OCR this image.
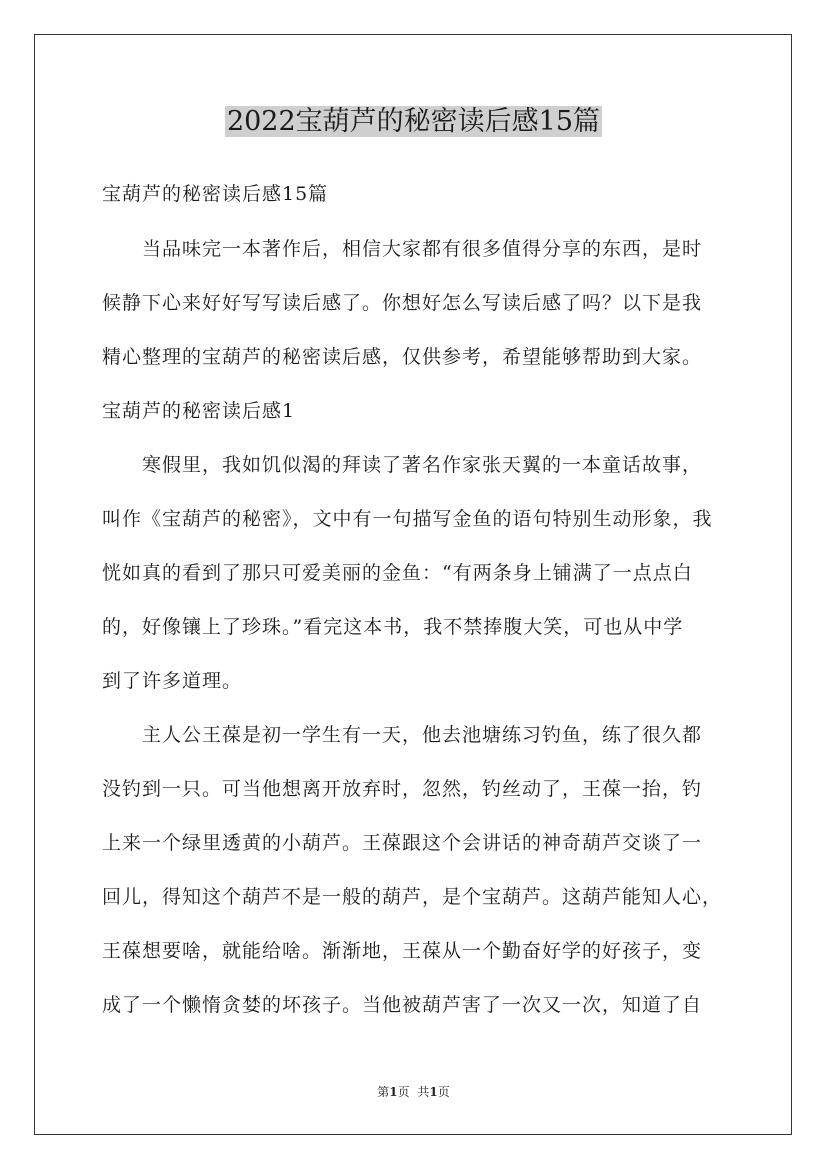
2022宝葫芦的秘密读后感15篇
宝葫芦的秘密读后感15篇
　　当品味完一本著作后，相信大家都有很多值得分享的东西，是时
候静下心来好好写写读后感了。你想好怎么写读后感了吗？以下是我
精心整理的宝葫芦的秘密读后感，仅供参考，希望能够帮助到大家。
宝葫芦的秘密读后感1
　　寒假里，我如饥似渴的拜读了著名作家张天翼的一本童话故事，
叫作《宝葫芦的秘密》，文中有一句描写金鱼的语句特别生动形象，我
恍如真的看到了那只可爱美丽的金鱼：“有两条身上铺满了一点点白
的，好像镶上了珍珠。”看完这本书，我不禁捧腹大笑，可也从中学
到了许多道理。
　　主人公王葆是初一学生有一天，他去池塘练习钓鱼，练了很久都
没钓到一只。可当他想离开放弃时，忽然，钓丝动了，王葆一抬，钓
上来一个绿里透黄的小葫芦。王葆跟这个会讲话的神奇葫芦交谈了一
回儿，得知这个葫芦不是一般的葫芦，是个宝葫芦。这葫芦能知人心，
王葆想要啥，就能给啥。渐渐地，王葆从一个勤奋好学的好孩子，变
成了一个懒惰贪婪的坏孩子。当他被葫芦害了一次又一次，知道了自
第1页 共1页
